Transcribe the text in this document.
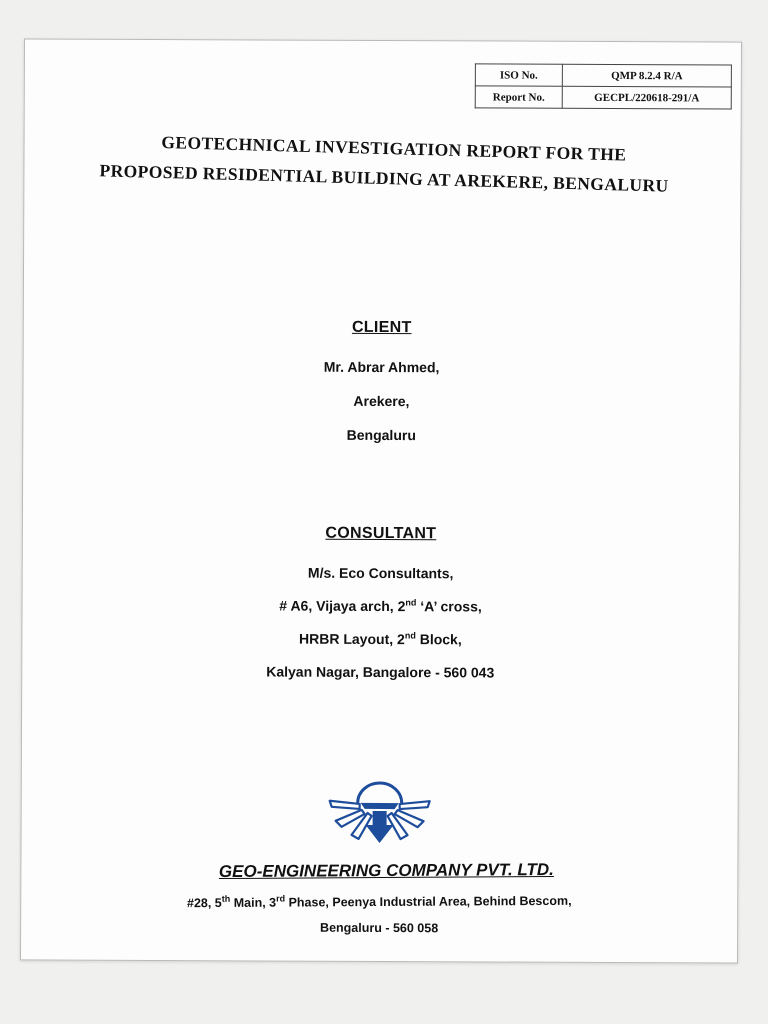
ISO No.	QMP 8.2.4 R/A
Report No.	GECPL/220618-291/A
GEOTECHNICAL INVESTIGATION REPORT FOR THE
PROPOSED RESIDENTIAL BUILDING AT AREKERE, BENGALURU
CLIENT
Mr. Abrar Ahmed,
Arekere,
Bengaluru
CONSULTANT
M/s. Eco Consultants,
# A6, Vijaya arch, 2nd ‘A’ cross,
HRBR Layout, 2nd Block,
Kalyan Nagar, Bangalore - 560 043
GEO-ENGINEERING COMPANY PVT. LTD.
#28, 5th Main, 3rd Phase, Peenya Industrial Area, Behind Bescom,
Bengaluru - 560 058
